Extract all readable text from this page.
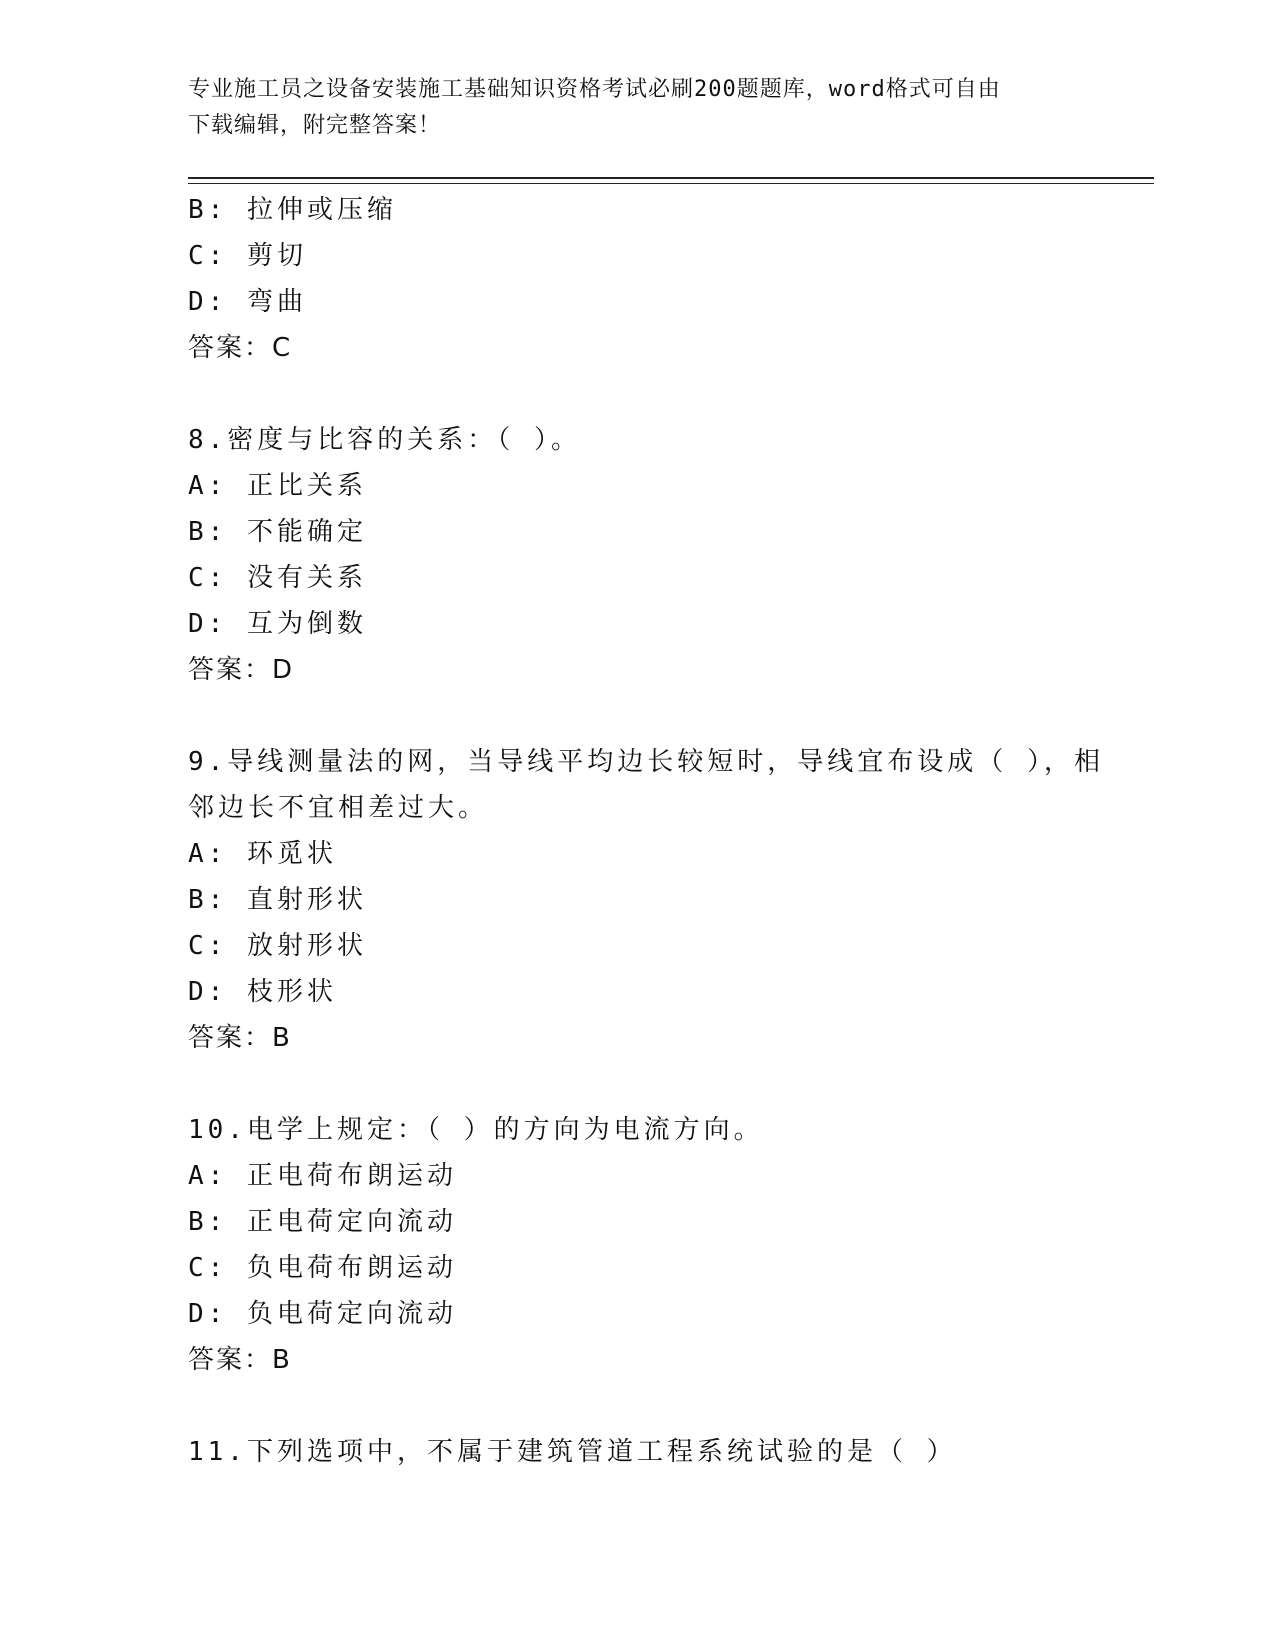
专业施工员之设备安装施工基础知识资格考试必刷200题题库，word格式可自由
下载编辑，附完整答案！
B: 拉伸或压缩
C: 剪切
D: 弯曲
答案：C
8.密度与比容的关系：（ ）。
A: 正比关系
B: 不能确定
C: 没有关系
D: 互为倒数
答案：D
9.导线测量法的网，当导线平均边长较短时，导线宜布设成（ ），相
邻边长不宜相差过大。
A: 环觅状
B: 直射形状
C: 放射形状
D: 枝形状
答案：B
10.电学上规定：（ ）的方向为电流方向。
A: 正电荷布朗运动
B: 正电荷定向流动
C: 负电荷布朗运动
D: 负电荷定向流动
答案：B
11.下列选项中，不属于建筑管道工程系统试验的是（ ）
